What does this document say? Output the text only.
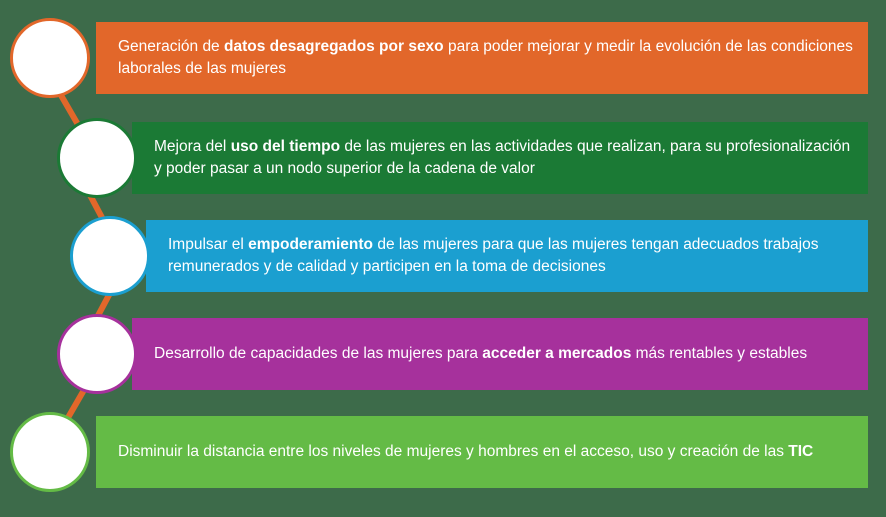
Generación de datos desagregados por sexo para poder mejorar y medir la evolución de las condiciones laborales de las mujeres
Mejora del uso del tiempo de las mujeres en las actividades que realizan, para su profesionalización y poder pasar a un nodo superior de la cadena de valor
Impulsar el empoderamiento de las mujeres para que las mujeres tengan adecuados trabajos remunerados y de calidad y participen en la toma de decisiones
Desarrollo de capacidades de las mujeres para acceder a mercados más rentables y estables
Disminuir la distancia entre los niveles de mujeres y hombres en el acceso, uso y creación de las TIC
